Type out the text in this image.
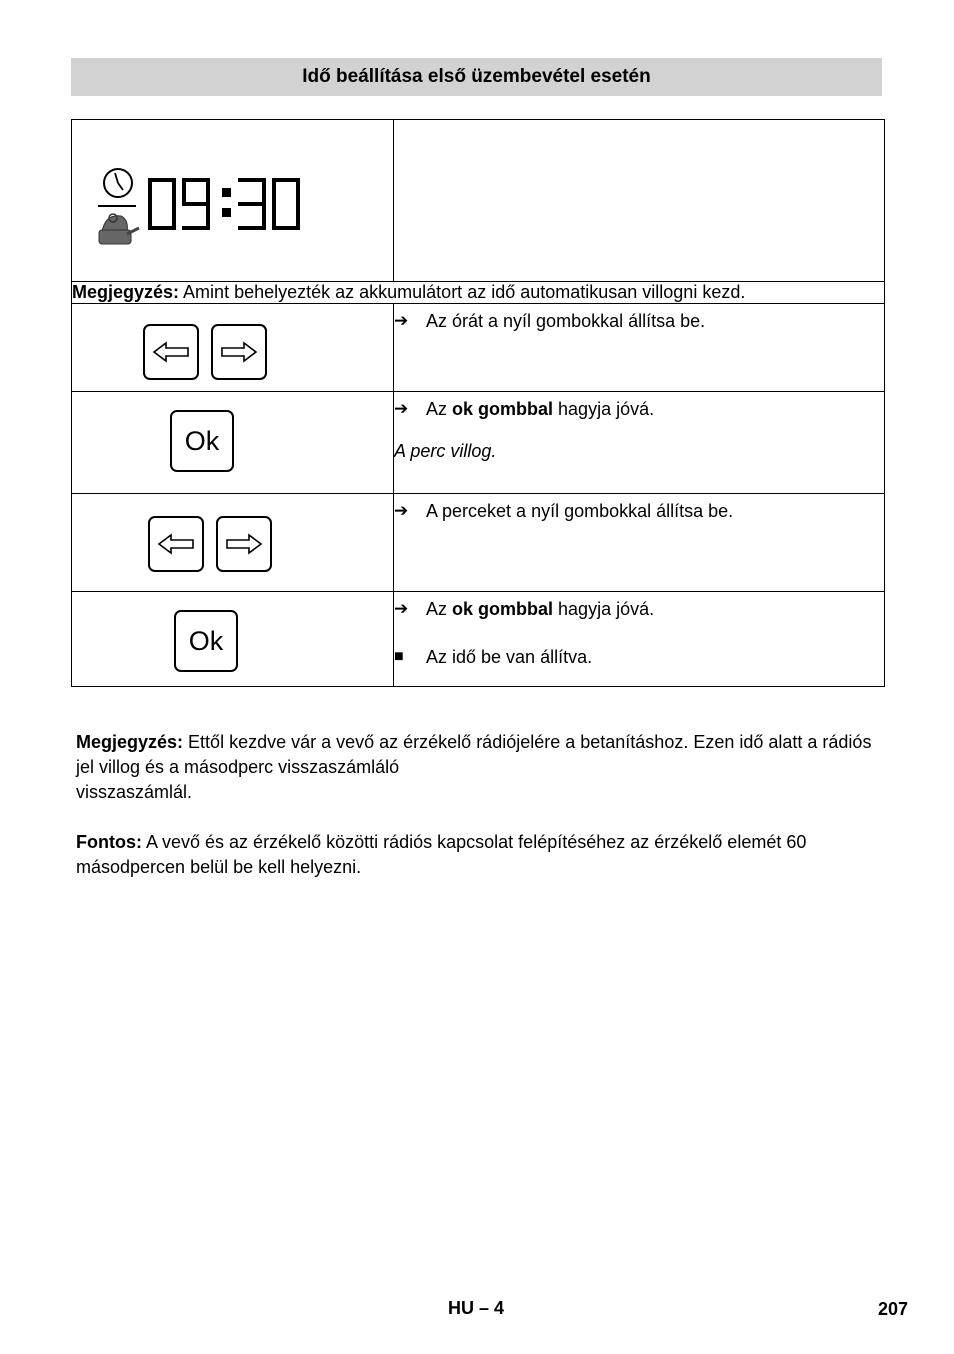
Idő beállítása első üzembevétel esetén

Megjegyzés: Amint behelyezték az akkumulátort az idő automatikusan villogni kezd.	

➔ Az órát a nyíl gombokkal állítsa be.

Ok	➔ Az ok gombbal hagyja jóvá.
A perc villog.

➔ A perceket a nyíl gombokkal állítsa be.

Ok	➔ Az ok gombbal hagyja jóvá.
■ Az idő be van állítva.
Megjegyzés: Ettől kezdve vár a vevő az érzékelő rádiójelére a betanításhoz. Ezen idő alatt a rádiós jel villog és a másodperc visszaszámláló
visszaszámlál.
Fontos: A vevő és az érzékelő közötti rádiós kapcsolat felépítéséhez az érzékelő elemét 60 másodpercen belül be kell helyezni.
HU – 4	207
